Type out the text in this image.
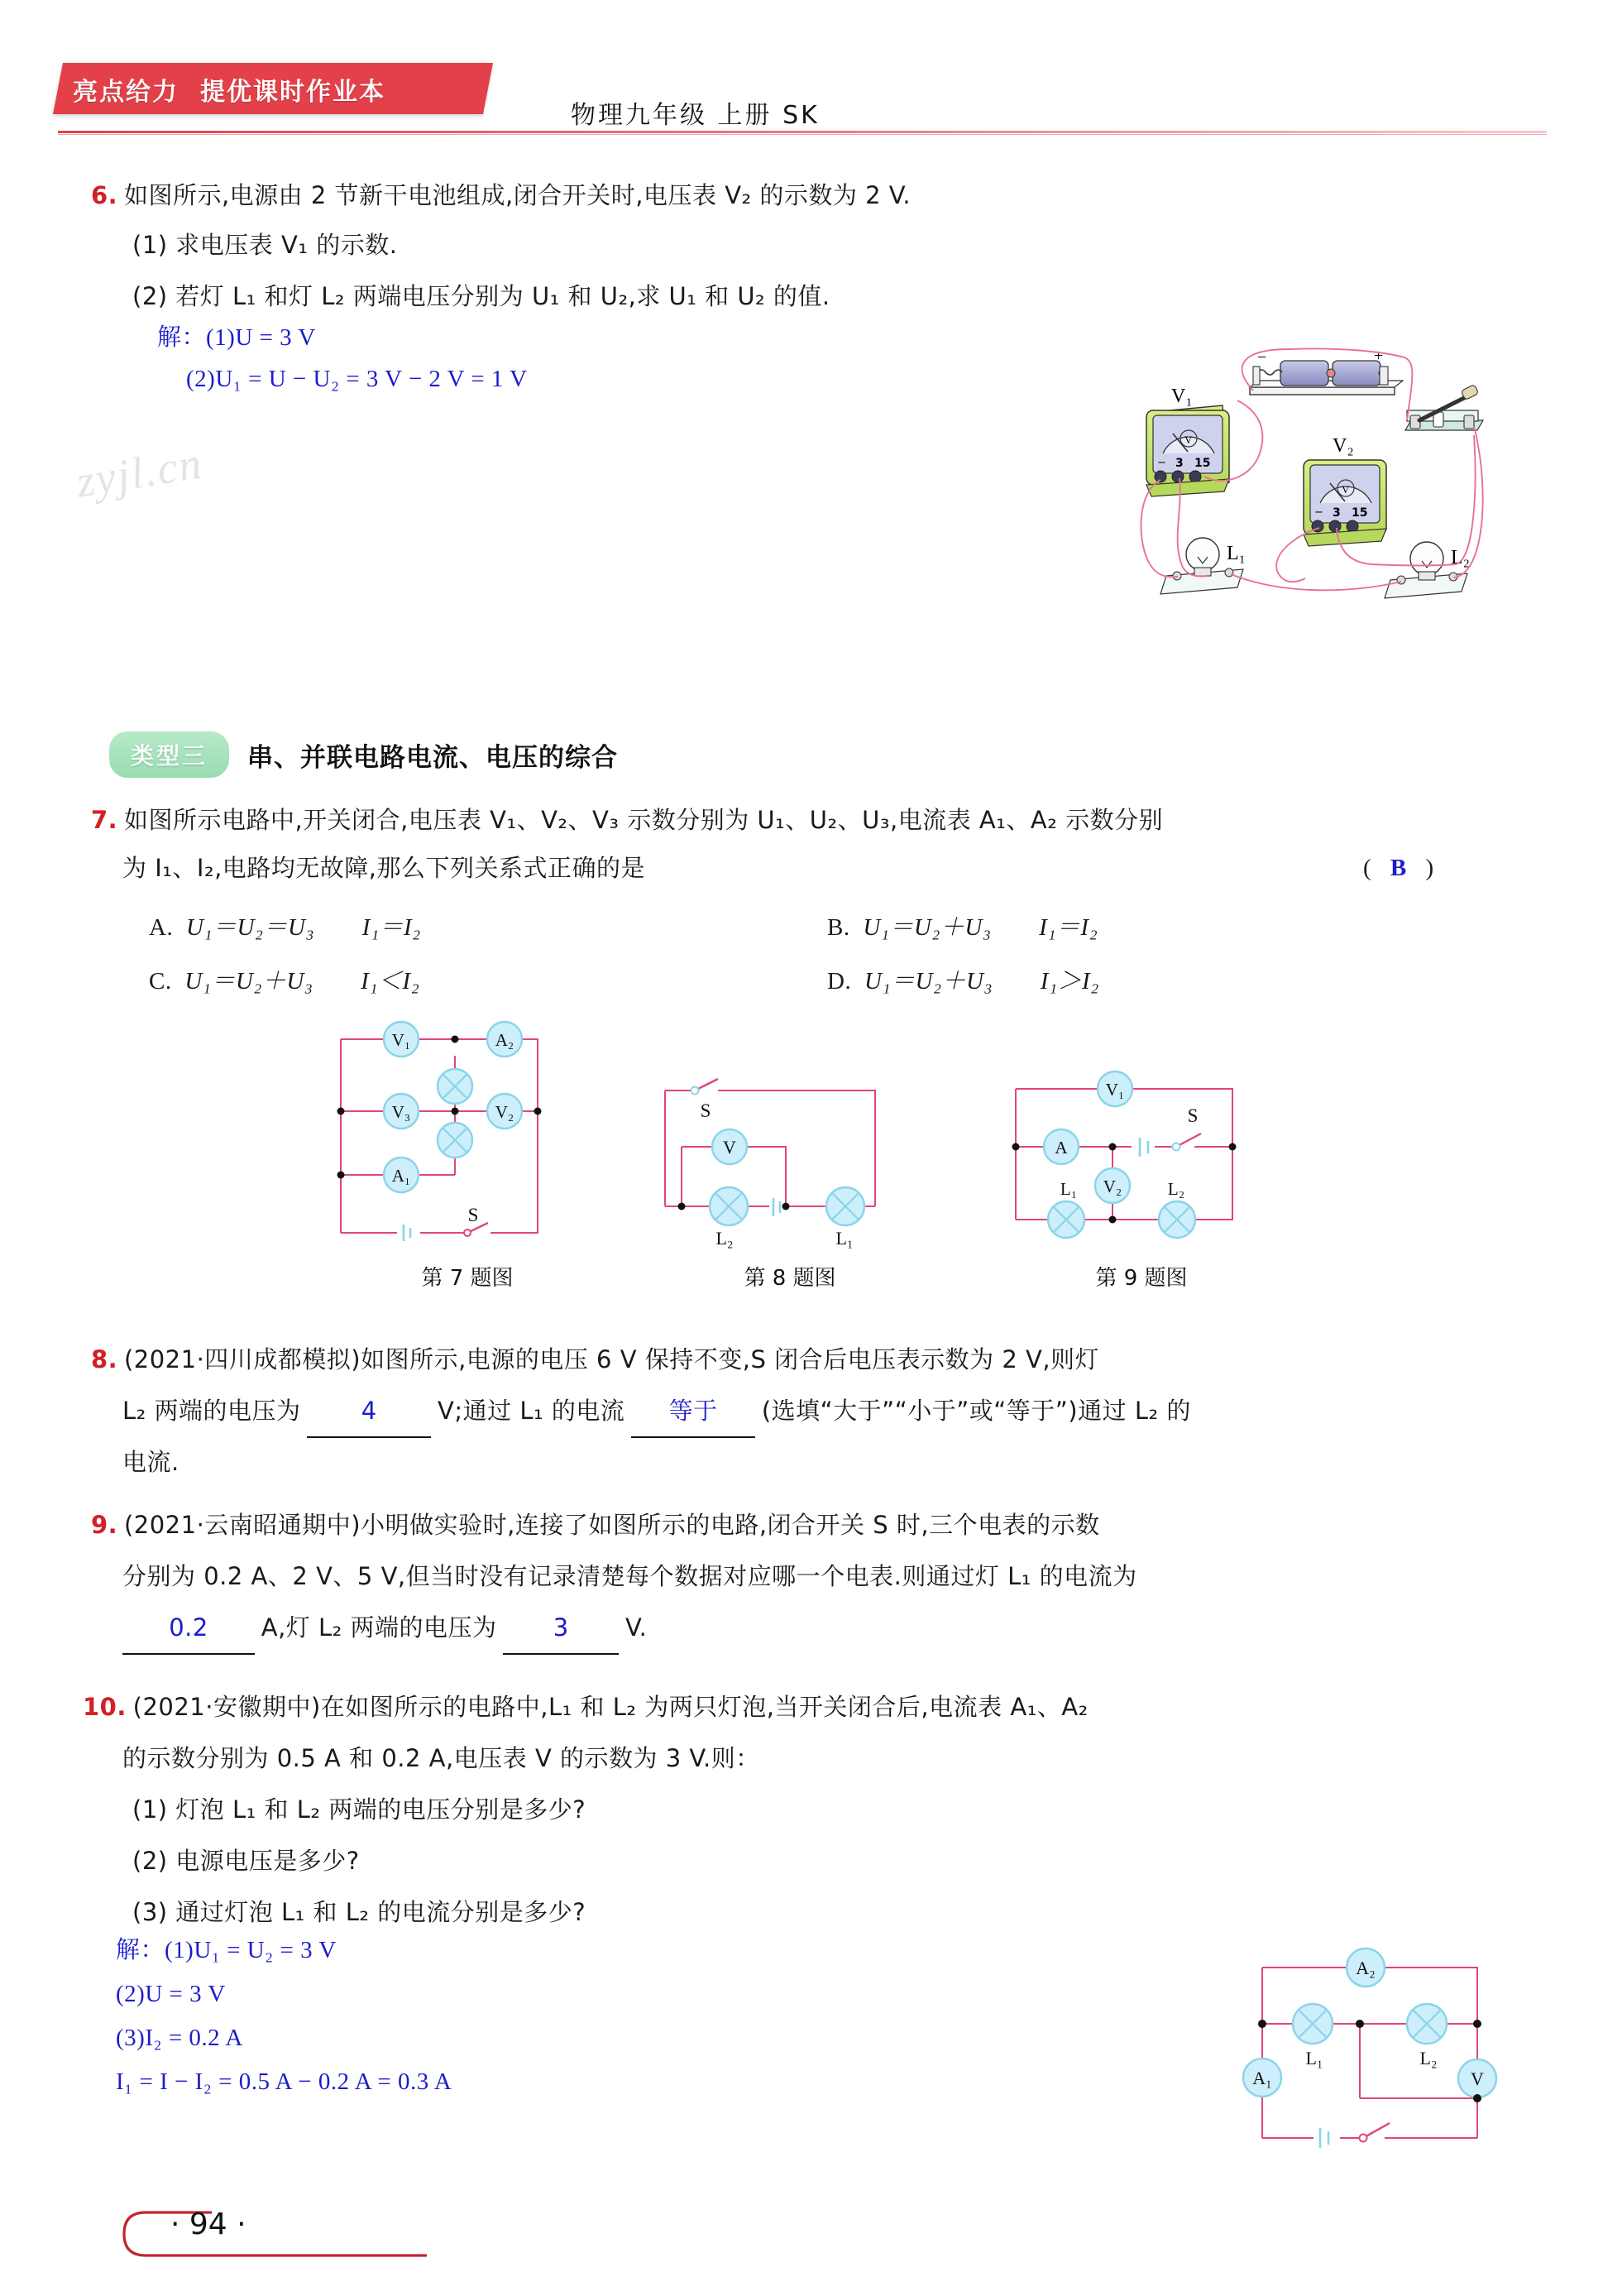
亮点给力 提优课时作业本
物理九年级 上册 SK
6. 如图所示,电源由 2 节新干电池组成,闭合开关时,电压表 V₂ 的示数为 2 V.
(1) 求电压表 V₁ 的示数.
(2) 若灯 L₁ 和灯 L₂ 两端电压分别为 U₁ 和 U₂,求 U₁ 和 U₂ 的值.
解：(1)U = 3 V
(2)U₁ = U − U₂ = 3 V − 2 V = 1 V
zyjl.cn
−	+
V
− 3 15
V₁
V
− 3 15
V₂
L₁	L₂
类型三	串、并联电路电流、电压的综合
7. 如图所示电路中,开关闭合,电压表 V₁、V₂、V₃ 示数分别为 U₁、U₂、U₃,电流表 A₁、A₂ 示数分别
为 I₁、I₂,电路均无故障,那么下列关系式正确的是	( B )
A. U₁＝U₂＝U₃ I₁＝I₂	B. U₁＝U₂＋U₃ I₁＝I₂
C. U₁＝U₂＋U₃ I₁＜I₂	D. U₁＝U₂＋U₃ I₁＞I₂
V₁	A₂
V₃	V₂
A₁
S
第 7 题图
V
S
L₂	L₁
第 8 题图
V₁
A
V₂
L₁	L₂
S
第 9 题图
8. (2021·四川成都模拟)如图所示,电源的电压 6 V 保持不变,S 闭合后电压表示数为 2 V,则灯
L₂ 两端的电压为	4	V;通过 L₁ 的电流 等于 (选填“大于”“小于”或“等于”)通过 L₂ 的
电流.
9. (2021·云南昭通期中)小明做实验时,连接了如图所示的电路,闭合开关 S 时,三个电表的示数
分别为 0.2 A、2 V、5 V,但当时没有记录清楚每个数据对应哪一个电表.则通过灯 L₁ 的电流为
0.2 A,灯 L₂ 两端的电压为 3 V.
10. (2021·安徽期中)在如图所示的电路中,L₁ 和 L₂ 为两只灯泡,当开关闭合后,电流表 A₁、A₂
的示数分别为 0.5 A 和 0.2 A,电压表 V 的示数为 3 V.则：
(1) 灯泡 L₁ 和 L₂ 两端的电压分别是多少?
(2) 电源电压是多少?
(3) 通过灯泡 L₁ 和 L₂ 的电流分别是多少?
解：(1)U₁ = U₂ = 3 V
(2)U = 3 V
(3)I₂ = 0.2 A
I₁ = I − I₂ = 0.5 A − 0.2 A = 0.3 A
A₂
A₁
L₁	L₂
V
· 94 ·
